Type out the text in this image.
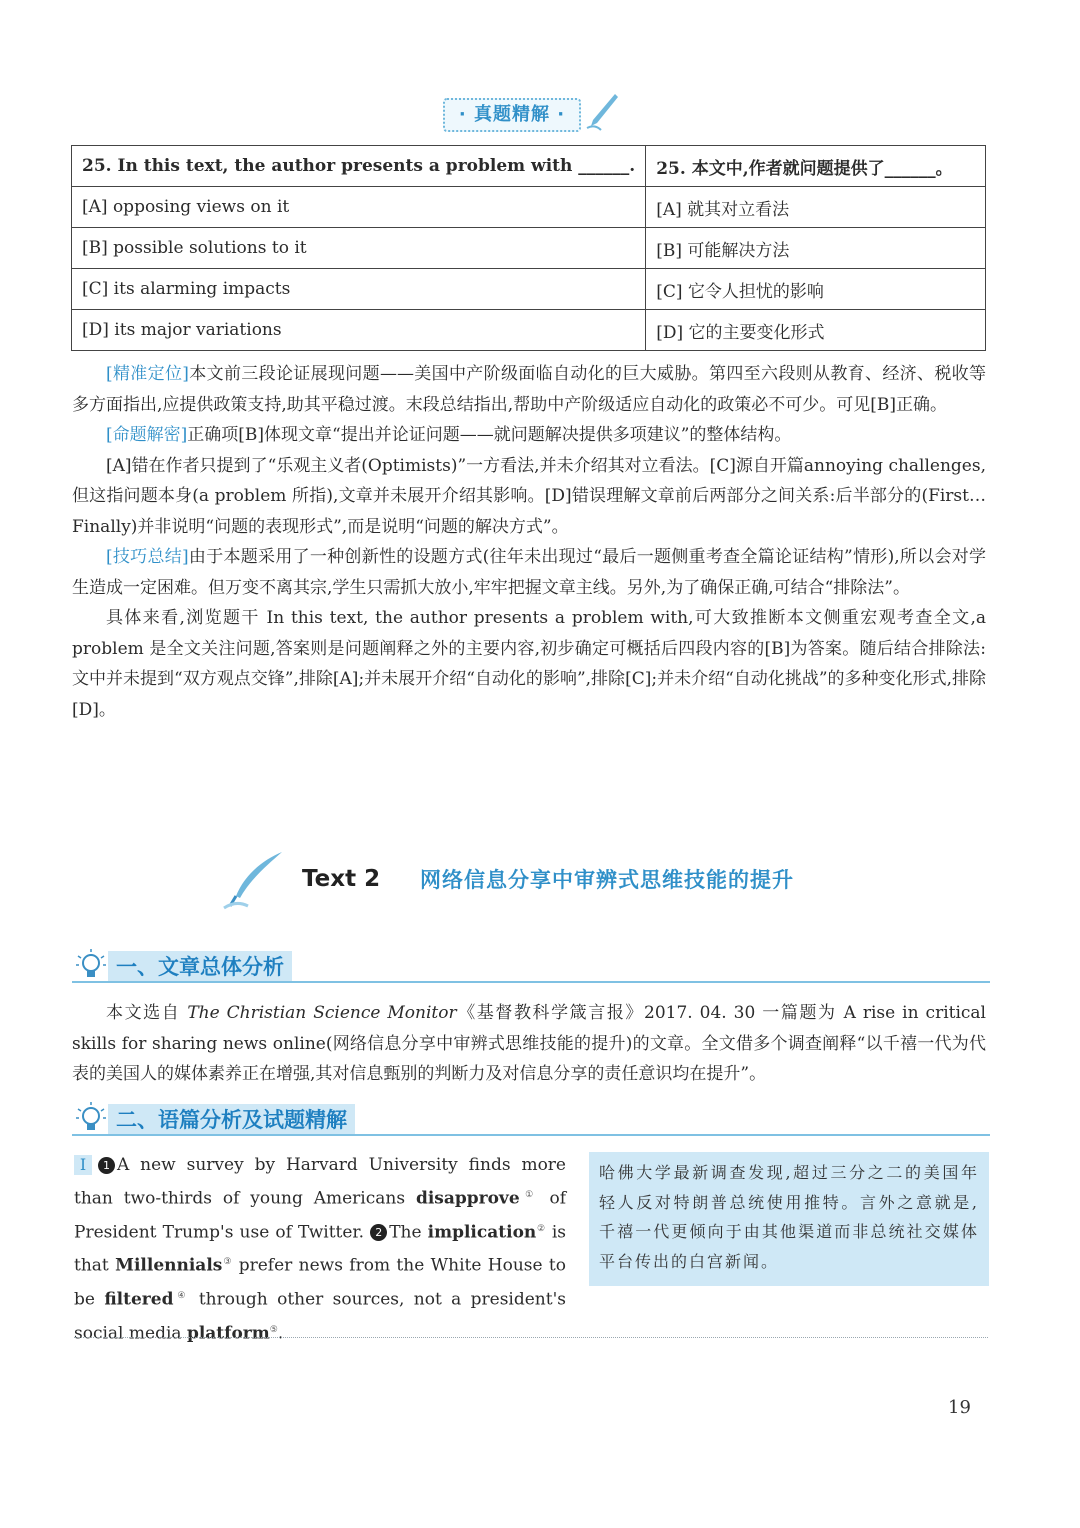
· 真题精解 ·
25. In this text, the author presents a problem with ______.	25. 本文中,作者就问题提供了______。
[A] opposing views on it	[A] 就其对立看法
[B] possible solutions to it	[B] 可能解决方法
[C] its alarming impacts	[C] 它令人担忧的影响
[D] its major variations	[D] 它的主要变化形式

[精准定位]本文前三段论证展现问题——美国中产阶级面临自动化的巨大威胁。第四至六段则从教育、经济、税收等多方面指出,应提供政策支持,助其平稳过渡。末段总结指出,帮助中产阶级适应自动化的政策必不可少。可见[B]正确。

[命题解密]正确项[B]体现文章“提出并论证问题——就问题解决提供多项建议”的整体结构。

[A]错在作者只提到了“乐观主义者(Optimists)”一方看法,并未介绍其对立看法。[C]源自开篇annoying challenges,但这指问题本身(a problem 所指),文章并未展开介绍其影响。[D]错误理解文章前后两部分之间关系:后半部分的(First…Finally)并非说明“问题的表现形式”,而是说明“问题的解决方式”。

[技巧总结]由于本题采用了一种创新性的设题方式(往年未出现过“最后一题侧重考查全篇论证结构”情形),所以会对学生造成一定困难。但万变不离其宗,学生只需抓大放小,牢牢把握文章主线。另外,为了确保正确,可结合“排除法”。

具体来看,浏览题干 In this text, the author presents a problem with,可大致推断本文侧重宏观考查全文,a problem 是全文关注问题,答案则是问题阐释之外的主要内容,初步确定可概括后四段内容的[B]为答案。随后结合排除法:文中并未提到“双方观点交锋”,排除[A];并未展开介绍“自动化的影响”,排除[C];并未介绍“自动化挑战”的多种变化形式,排除[D]。

Text 2 网络信息分享中审辨式思维技能的提升
一、文章总体分析

本文选自 The Christian Science Monitor《基督教科学箴言报》2017. 04. 30 一篇题为 A rise in critical skills for sharing news online(网络信息分享中审辨式思维技能的提升)的文章。全文借多个调查阐释“以千禧一代为代表的美国人的媒体素养正在增强,其对信息甄别的判断力及对信息分享的责任意识均在提升”。

二、语篇分析及试题精解
I 1 A new survey by Harvard University finds more than two-thirds of young Americans disapprove① of President Trump's use of Twitter. 2 The implication② is that Millennials③ prefer news from the White House to be filtered④ through other sources, not a president's social media platform⑤.
哈佛大学最新调查发现,超过三分之二的美国年轻人反对特朗普总统使用推特。言外之意就是,千禧一代更倾向于由其他渠道而非总统社交媒体平台传出的白宫新闻。
19
